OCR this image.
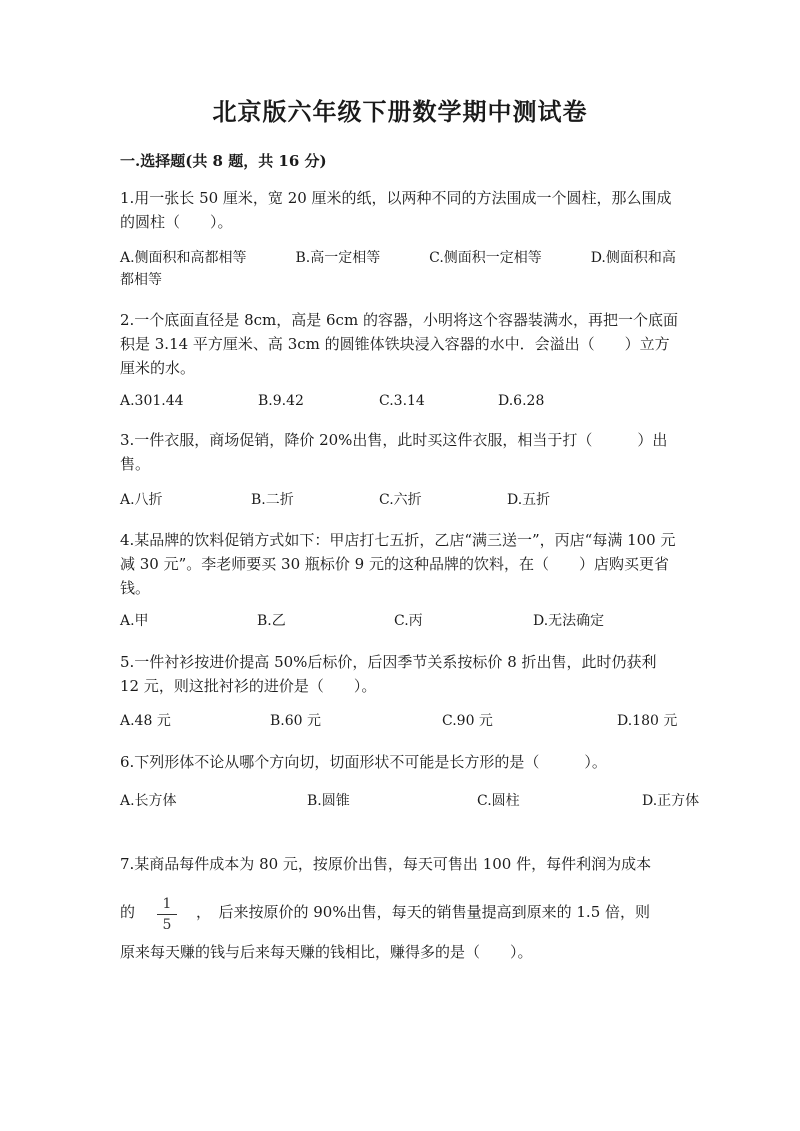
北京版六年级下册数学期中测试卷
一.选择题(共 8 题，共 16 分)
1.用一张长 50 厘米，宽 20 厘米的纸，以两种不同的方法围成一个圆柱，那么围成的圆柱（　　）。
A.侧面积和高都相等	B.高一定相等	C.侧面积一定相等	D.侧面积和高都相等
2.一个底面直径是 8cm，高是 6cm 的容器，小明将这个容器装满水，再把一个底面积是 3.14 平方厘米、高 3cm 的圆锥体铁块浸入容器的水中．会溢出（　　）立方厘米的水。
A.301.44	B.9.42	C.3.14	D.6.28
3.一件衣服，商场促销，降价 20%出售，此时买这件衣服，相当于打（　　　）出售。
A.八折	B.二折	C.六折	D.五折
4.某品牌的饮料促销方式如下：甲店打七五折，乙店“满三送一”，丙店“每满 100 元减 30 元”。李老师要买 30 瓶标价 9 元的这种品牌的饮料，在（　　）店购买更省钱。
A.甲	B.乙	C.丙	D.无法确定
5.一件衬衫按进价提高 50%后标价，后因季节关系按标价 8 折出售，此时仍获利 12 元，则这批衬衫的进价是（　　）。
A.48 元	B.60 元	C.90 元	D.180 元
6.下列形体不论从哪个方向切，切面形状不可能是长方形的是（　　　）。
A.长方体	B.圆锥	C.圆柱	D.正方体
7.某商品每件成本为 80 元，按原价出售，每天可售出 100 件，每件利润为成本
的	1
5
，　后来按原价的 90%出售，每天的销售量提高到原来的 1.5 倍，则
原来每天赚的钱与后来每天赚的钱相比，赚得多的是（　　）。
